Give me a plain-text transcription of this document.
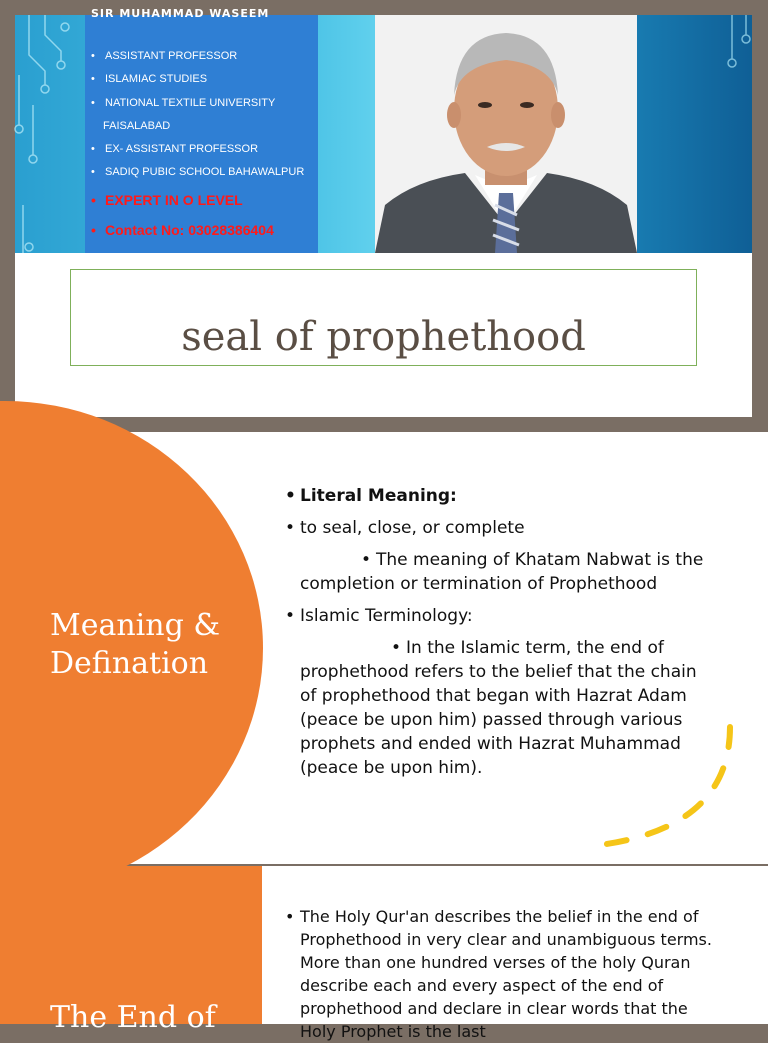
SIR MUHAMMAD WASEEM
• ASSISTANT PROFESSOR
• ISLAMIAC STUDIES
• NATIONAL TEXTILE UNIVERSITY
FAISALABAD
• EX- ASSISTANT PROFESSOR
• SADIQ PUBIC SCHOOL BAHAWALPUR
• EXPERT IN O LEVEL
• Contact No: 03028386404
seal of prophethood
Meaning &
Defination
• Literal Meaning:
• to seal, close, or complete
• The meaning of Khatam Nabwat is the completion or termination of Prophethood
• Islamic Terminology:
• In the Islamic term, the end of prophethood refers to the belief that the chain of prophethood that began with Hazrat Adam (peace be upon him) passed through various prophets and ended with Hazrat Muhammad (peace be upon him).
The End of
• The Holy Qur'an describes the belief in the end of Prophethood in very clear and unambiguous terms. More than one hundred verses of the holy Quran describe each and every aspect of the end of prophethood and declare in clear words that the Holy Prophet is the last
